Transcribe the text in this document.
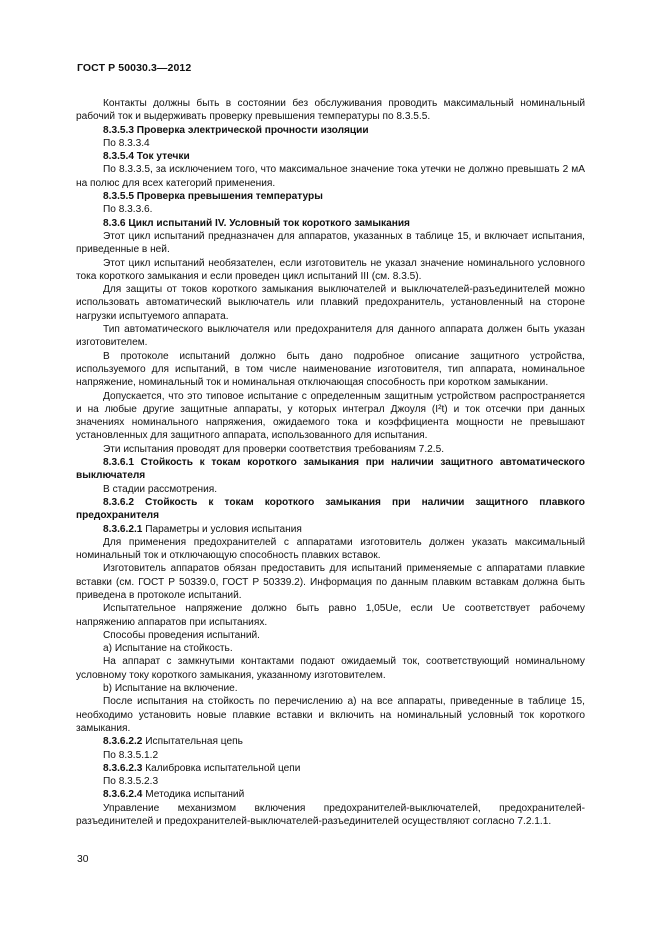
ГОСТ Р 50030.3—2012

Контакты должны быть в состоянии без обслуживания проводить максимальный номинальный рабочий ток и выдерживать проверку превышения температуры по 8.3.5.5.

8.3.5.3 Проверка электрической прочности изоляции

По 8.3.3.4

8.3.5.4 Ток утечки

По 8.3.3.5, за исключением того, что максимальное значение тока утечки не должно превышать 2 мА на полюс для всех категорий применения.

8.3.5.5 Проверка превышения температуры

По 8.3.3.6.

8.3.6 Цикл испытаний IV. Условный ток короткого замыкания

Этот цикл испытаний предназначен для аппаратов, указанных в таблице 15, и включает испытания, приведенные в ней.

Этот цикл испытаний необязателен, если изготовитель не указал значение номинального условного тока короткого замыкания и если проведен цикл испытаний III (см. 8.3.5).

Для защиты от токов короткого замыкания выключателей и выключателей-разъединителей можно использовать автоматический выключатель или плавкий предохранитель, установленный на стороне нагрузки испытуемого аппарата.

Тип автоматического выключателя или предохранителя для данного аппарата должен быть указан изготовителем.

В протоколе испытаний должно быть дано подробное описание защитного устройства, используемого для испытаний, в том числе наименование изготовителя, тип аппарата, номинальное напряжение, номинальный ток и номинальная отключающая способность при коротком замыкании.

Допускается, что это типовое испытание с определенным защитным устройством распространяется и на любые другие защитные аппараты, у которых интеграл Джоуля (I²t) и ток отсечки при данных значениях номинального напряжения, ожидаемого тока и коэффициента мощности не превышают установленных для защитного аппарата, использованного для испытания.

Эти испытания проводят для проверки соответствия требованиям 7.2.5.

8.3.6.1 Стойкость к токам короткого замыкания при наличии защитного автоматического выключателя

В стадии рассмотрения.

8.3.6.2 Стойкость к токам короткого замыкания при наличии защитного плавкого предохранителя

8.3.6.2.1 Параметры и условия испытания

Для применения предохранителей с аппаратами изготовитель должен указать максимальный номинальный ток и отключающую способность плавких вставок.

Изготовитель аппаратов обязан предоставить для испытаний применяемые с аппаратами плавкие вставки (см. ГОСТ Р 50339.0, ГОСТ Р 50339.2). Информация по данным плавким вставкам должна быть приведена в протоколе испытаний.

Испытательное напряжение должно быть равно 1,05Ue, если Ue соответствует рабочему напряжению аппаратов при испытаниях.

Способы проведения испытаний.

а) Испытание на стойкость.

На аппарат с замкнутыми контактами подают ожидаемый ток, соответствующий номинальному условному току короткого замыкания, указанному изготовителем.

b) Испытание на включение.

После испытания на стойкость по перечислению а) на все аппараты, приведенные в таблице 15, необходимо установить новые плавкие вставки и включить на номинальный условный ток короткого замыкания.

8.3.6.2.2 Испытательная цепь

По 8.3.5.1.2

8.3.6.2.3 Калибровка испытательной цепи

По 8.3.5.2.3

8.3.6.2.4 Методика испытаний

Управление механизмом включения предохранителей-выключателей, предохранителей-разъединителей и предохранителей-выключателей-разъединителей осуществляют согласно 7.2.1.1.

30
